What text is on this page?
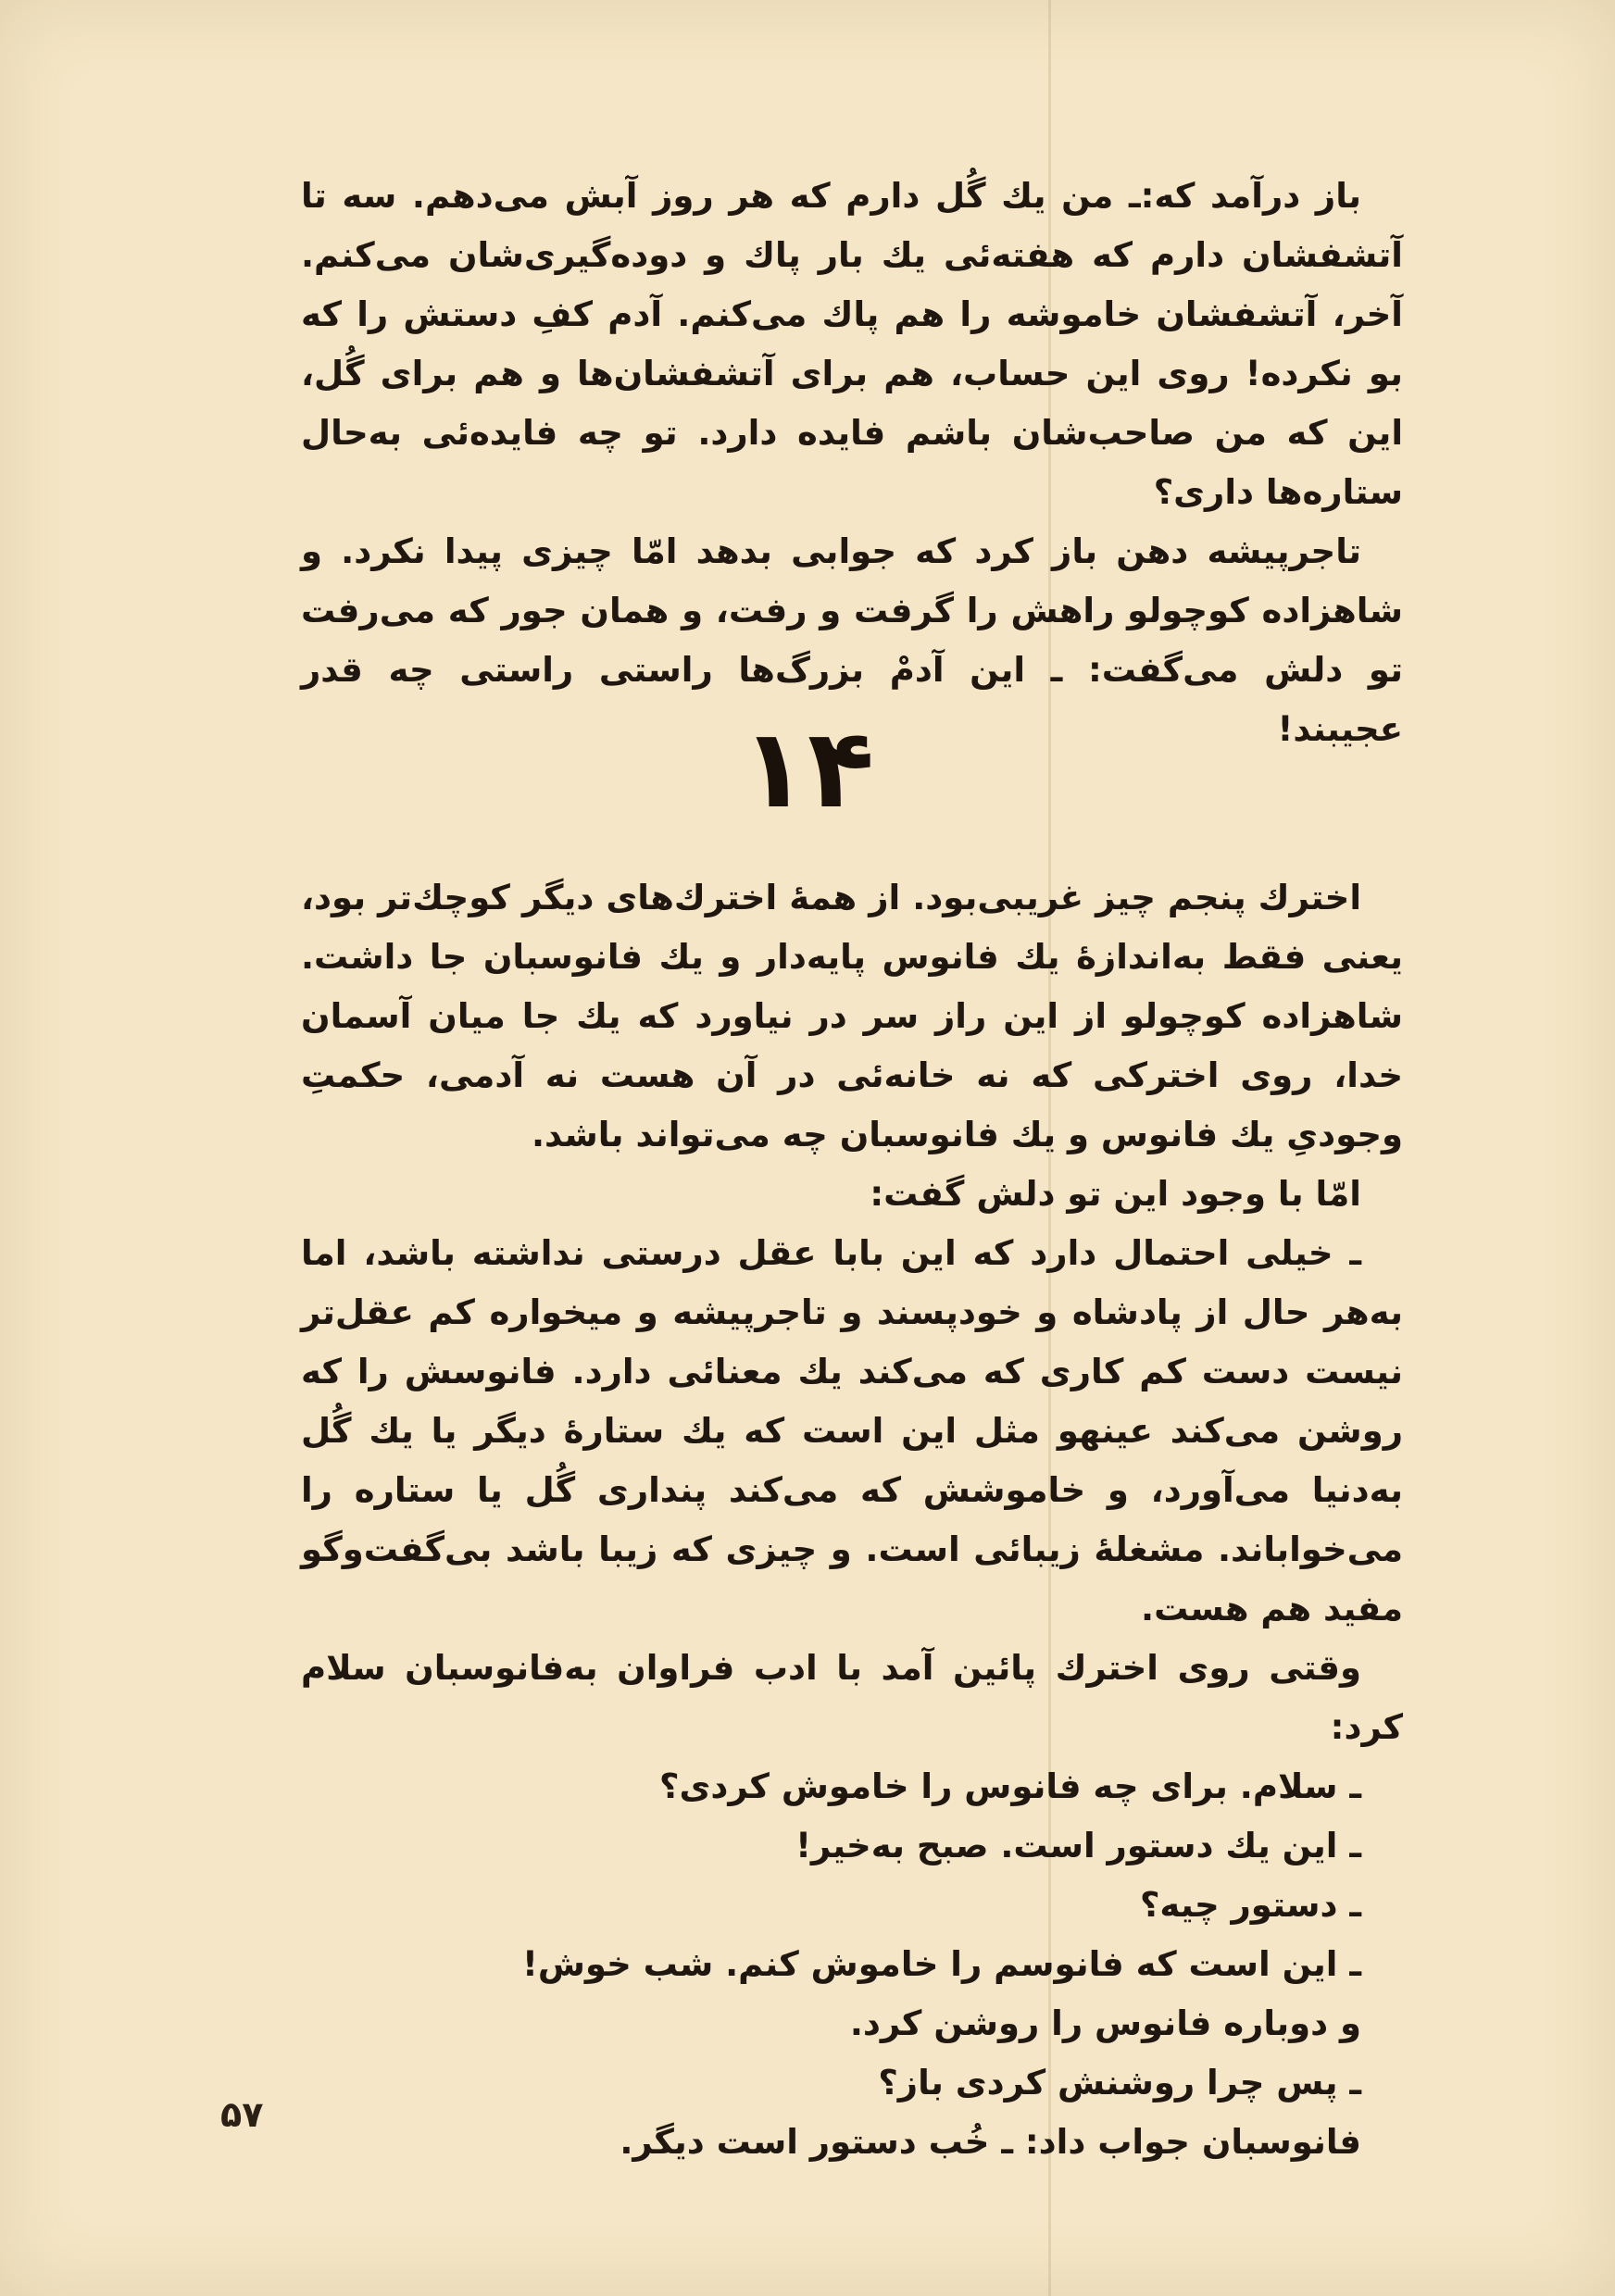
باز درآمد که:ـ من یك گُل دارم که هر روز آبش می‌دهم. سه تا آتشفشان دارم که هفته‌ئی یك بار پاك و دوده‌گیری‌شان می‌کنم. آخر، آتشفشان خاموشه را هم پاك می‌کنم. آدم کفِ دستش را که بو نکرده! روی این حساب، هم برای آتشفشان‌ها و هم برای گُل، این که من صاحب‌شان باشم فایده دارد. تو چه فایده‌ئی به‌حال ستاره‌ها داری؟

تاجرپیشه دهن باز کرد که جوابی بدهد امّا چیزی پیدا نکرد. و شاهزاده کوچولو راهش را گرفت و رفت، و همان جور که می‌رفت تو دلش می‌گفت: ـ این آدمْ بزرگ‌ها راستی راستی چه قدر عجیبند!

۱۴

اخترك پنجم چیز غریبی‌بود. از همهٔ اخترك‌های دیگر کوچك‌تر بود، یعنی فقط به‌اندازهٔ یك فانوس پایه‌دار و یك فانوسبان جا داشت. شاهزاده کوچولو از این راز سر در نیاورد که یك جا میان آسمان خدا، روی اخترکی که نه خانه‌ئی در آن هست نه آدمی، حکمتِ وجودیِ یك فانوس و یك فانوسبان چه می‌تواند باشد.

امّا با وجود این تو دلش گفت:

ـ خیلی احتمال دارد که این بابا عقل درستی نداشته باشد، اما به‌هر حال از پادشاه و خودپسند و تاجرپیشه و میخواره کم عقل‌تر نیست دست کم کاری که می‌کند یك معنائی دارد. فانوسش را که روشن می‌کند عینهو مثل این است که یك ستارهٔ دیگر یا یك گُل به‌دنیا می‌آورد، و خاموشش که می‌کند پنداری گُل یا ستاره را می‌خواباند. مشغلهٔ زیبائی است. و چیزی که زیبا باشد بی‌گفت‌وگو مفید هم هست.

وقتی روی اخترك پائین آمد با ادب فراوان به‌فانوسبان سلام کرد:

ـ سلام. برای چه فانوس را خاموش کردی؟

ـ این یك دستور است. صبح به‌خیر!

ـ دستور چیه؟

ـ این است که فانوسم را خاموش کنم. شب خوش!

و دوباره فانوس را روشن کرد.

ـ پس چرا روشنش کردی باز؟

فانوسبان جواب داد: ـ خُب دستور است دیگر.

۵۷
